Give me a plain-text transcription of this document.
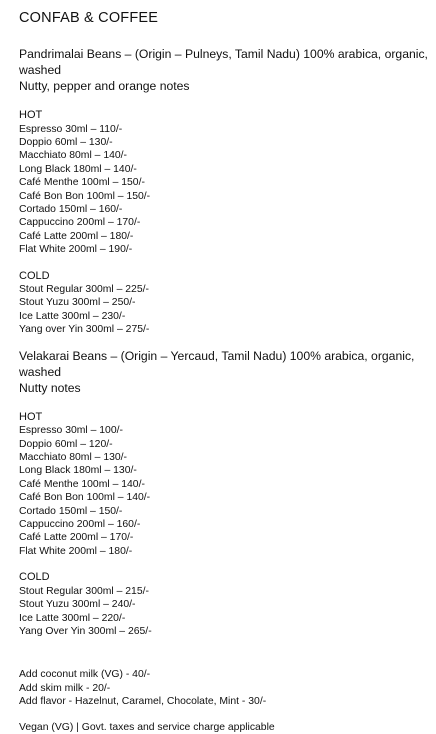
CONFAB & COFFEE
Pandrimalai Beans – (Origin – Pulneys, Tamil Nadu) 100% arabica, organic, washed
Nutty, pepper and orange notes
HOT
Espresso 30ml – 110/-
Doppio 60ml – 130/-
Macchiato 80ml – 140/-
Long Black 180ml – 140/-
Café Menthe 100ml – 150/-
Café Bon Bon 100ml – 150/-
Cortado 150ml – 160/-
Cappuccino 200ml – 170/-
Café Latte 200ml – 180/-
Flat White 200ml – 190/-
COLD
Stout Regular 300ml – 225/-
Stout Yuzu 300ml – 250/-
Ice Latte 300ml – 230/-
Yang over Yin 300ml – 275/-
Velakarai Beans – (Origin – Yercaud, Tamil Nadu) 100% arabica, organic, washed
Nutty notes
HOT
Espresso 30ml – 100/-
Doppio 60ml – 120/-
Macchiato 80ml – 130/-
Long Black 180ml – 130/-
Café Menthe 100ml – 140/-
Café Bon Bon 100ml – 140/-
Cortado 150ml – 150/-
Cappuccino 200ml – 160/-
Café Latte 200ml – 170/-
Flat White 200ml – 180/-
COLD
Stout Regular 300ml – 215/-
Stout Yuzu 300ml – 240/-
Ice Latte 300ml – 220/-
Yang Over Yin 300ml – 265/-
Add coconut milk (VG) - 40/-
Add skim milk - 20/-
Add flavor - Hazelnut, Caramel, Chocolate, Mint - 30/-
Vegan (VG) | Govt. taxes and service charge applicable
